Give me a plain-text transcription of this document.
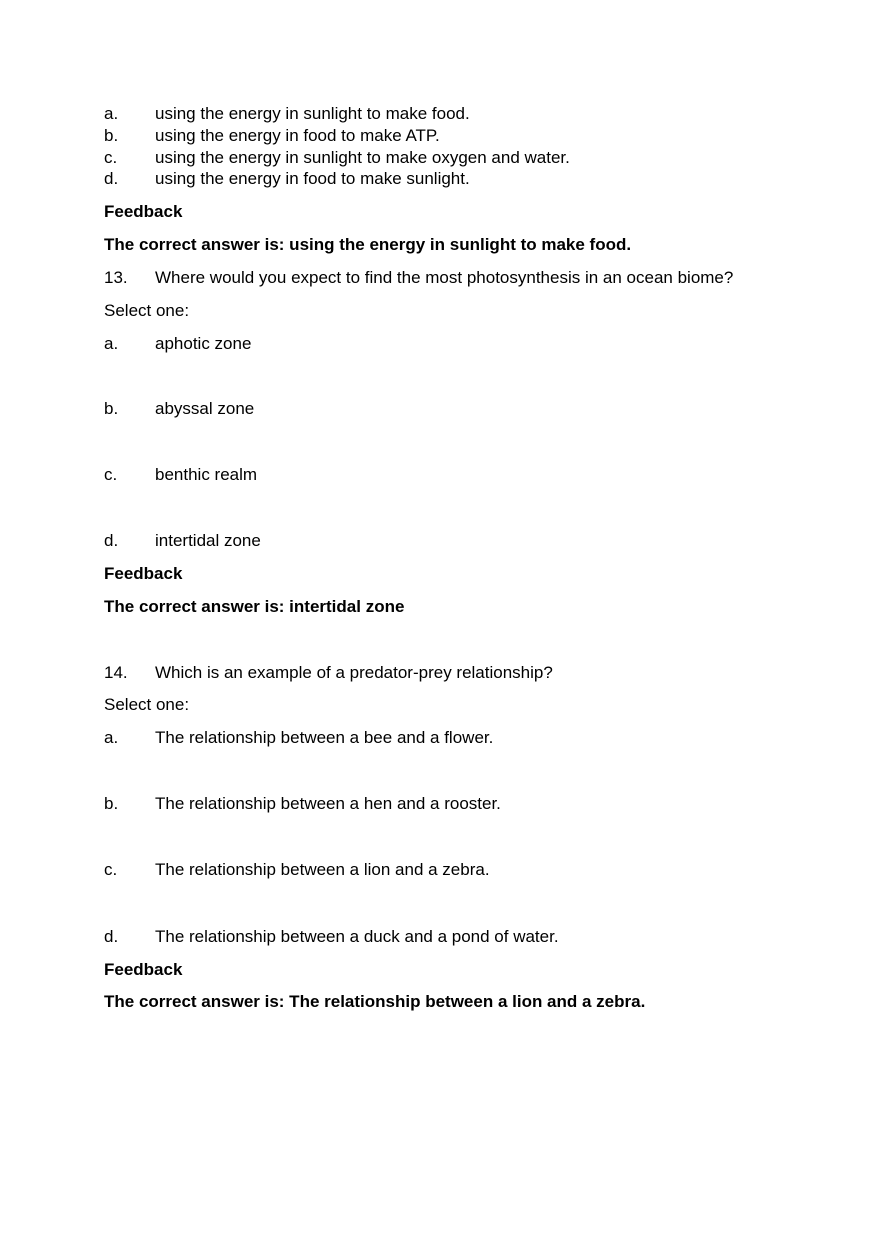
a. using the energy in sunlight to make food.
b. using the energy in food to make ATP.
c. using the energy in sunlight to make oxygen and water.
d. using the energy in food to make sunlight.
Feedback
The correct answer is: using the energy in sunlight to make food.
13. Where would you expect to find the most photosynthesis in an ocean biome?
Select one:
a. aphotic zone
b. abyssal zone
c. benthic realm
d. intertidal zone
Feedback
The correct answer is: intertidal zone
14. Which is an example of a predator-prey relationship?
Select one:
a. The relationship between a bee and a flower.
b. The relationship between a hen and a rooster.
c. The relationship between a lion and a zebra.
d. The relationship between a duck and a pond of water.
Feedback
The correct answer is: The relationship between a lion and a zebra.
